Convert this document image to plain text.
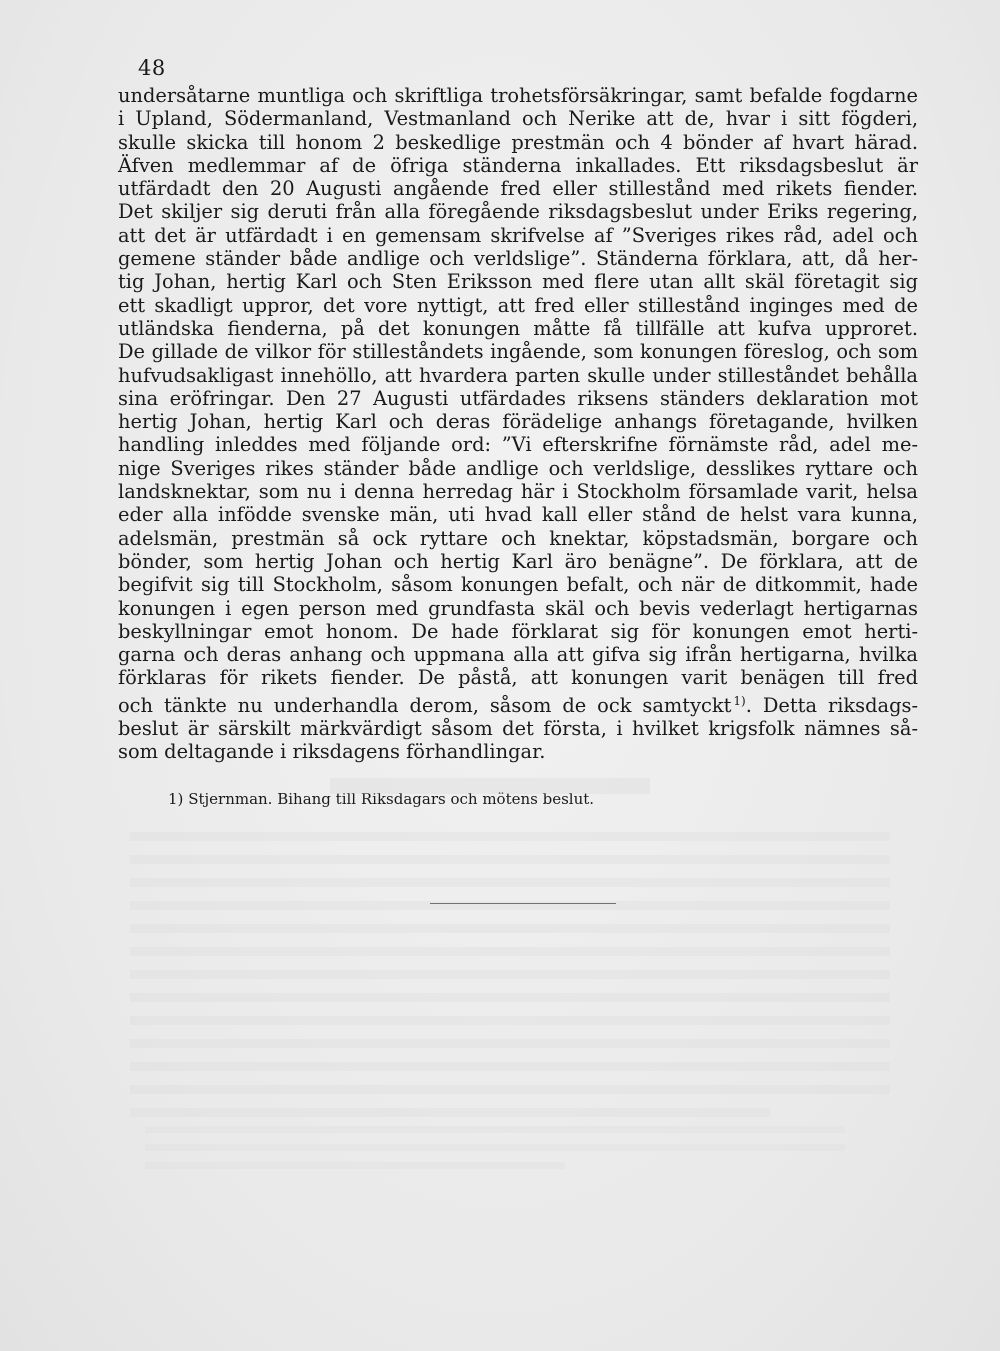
48
undersåtarne muntliga och skriftliga trohetsförsäkringar, samt befalde fogdarne
i Upland, Södermanland, Vestmanland och Nerike att de, hvar i sitt fögderi,
skulle skicka till honom 2 beskedlige prestmän och 4 bönder af hvart härad.
Äfven medlemmar af de öfriga ständerna inkallades. Ett riksdagsbeslut är
utfärdadt den 20 Augusti angående fred eller stillestånd med rikets fiender.
Det skiljer sig deruti från alla föregående riksdagsbeslut under Eriks regering,
att det är utfärdadt i en gemensam skrifvelse af ”Sveriges rikes råd, adel och
gemene ständer både andlige och verldslige”. Ständerna förklara, att, då her-
tig Johan, hertig Karl och Sten Eriksson med flere utan allt skäl företagit sig
ett skadligt uppror, det vore nyttigt, att fred eller stillestånd inginges med de
utländska fienderna, på det konungen måtte få tillfälle att kufva upproret.
De gillade de vilkor för stilleståndets ingående, som konungen föreslog, och som
hufvudsakligast innehöllo, att hvardera parten skulle under stilleståndet behålla
sina eröfringar. Den 27 Augusti utfärdades riksens ständers deklaration mot
hertig Johan, hertig Karl och deras förädelige anhangs företagande, hvilken
handling inleddes med följande ord: ”Vi efterskrifne förnämste råd, adel me-
nige Sveriges rikes ständer både andlige och verldslige, desslikes ryttare och
landsknektar, som nu i denna herredag här i Stockholm församlade varit, helsa
eder alla infödde svenske män, uti hvad kall eller stånd de helst vara kunna,
adelsmän, prestmän så ock ryttare och knektar, köpstadsmän, borgare och
bönder, som hertig Johan och hertig Karl äro benägne”. De förklara, att de
begifvit sig till Stockholm, såsom konungen befalt, och när de ditkommit, hade
konungen i egen person med grundfasta skäl och bevis vederlagt hertigarnas
beskyllningar emot honom. De hade förklarat sig för konungen emot herti-
garna och deras anhang och uppmana alla att gifva sig ifrån hertigarna, hvilka
förklaras för rikets fiender. De påstå, att konungen varit benägen till fred
och tänkte nu underhandla derom, såsom de ock samtyckt  $^{1)}$. Detta riksdags-
beslut är särskilt märkvärdigt såsom det första, i hvilket krigsfolk nämnes så-
som deltagande i riksdagens förhandlingar.
1) Stjernman. Bihang till Riksdagars och mötens beslut.
